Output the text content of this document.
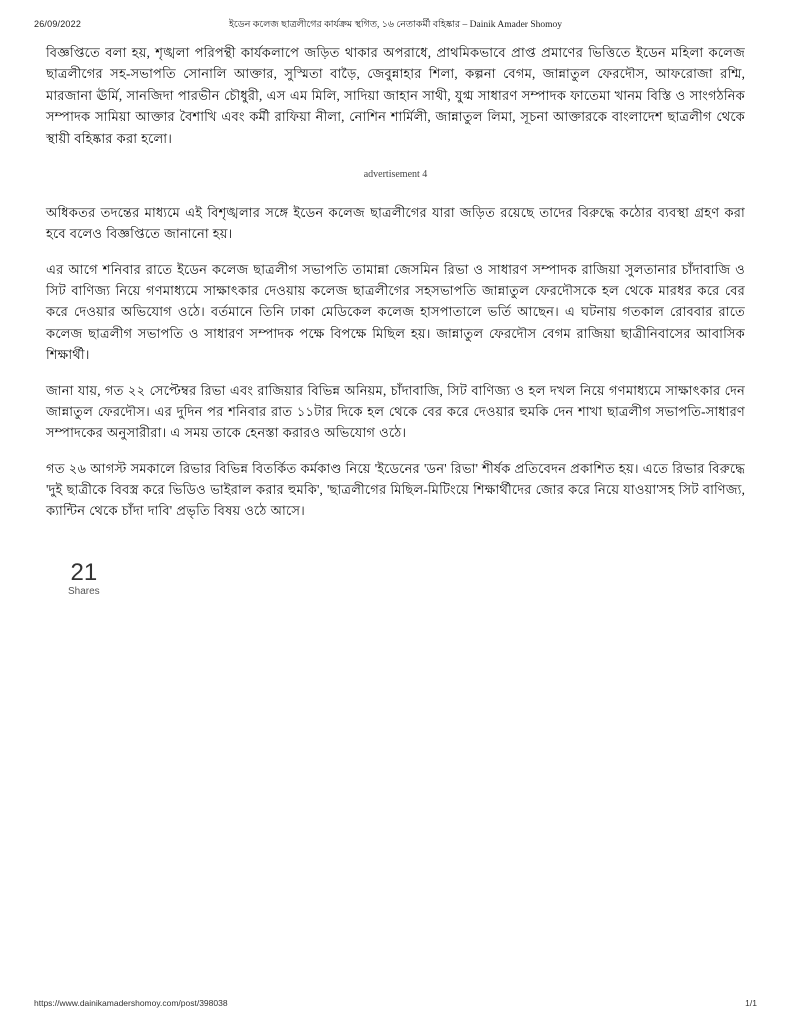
26/09/2022	ইডেন কলেজ ছাত্রলীগের কার্যক্রম স্থগিত, ১৬ নেতাকর্মী বহিষ্কার – Dainik Amader Shomoy

বিজ্ঞপ্তিতে বলা হয়, শৃঙ্খলা পরিপন্থী কার্যকলাপে জড়িত থাকার অপরাধে, প্রাথমিকভাবে প্রাপ্ত প্রমাণের ভিত্তিতে ইডেন মহিলা কলেজ ছাত্রলীগের সহ-সভাপতি সোনালি আক্তার, সুস্মিতা বাড়ৈ, জেবুন্নাহার শিলা, কল্পনা বেগম, জান্নাতুল ফেরদৌস, আফরোজা রশ্মি, মারজানা ঊর্মি, সানজিদা পারভীন চৌধুরী, এস এম মিলি, সাদিয়া জাহান সাথী, যুগ্ম সাধারণ সম্পাদক ফাতেমা খানম বিস্তি ও সাংগঠনিক সম্পাদক সামিয়া আক্তার বৈশাখি এবং কর্মী রাফিয়া নীলা, নোশিন শার্মিলী, জান্নাতুল লিমা, সূচনা আক্তারকে বাংলাদেশ ছাত্রলীগ থেকে স্থায়ী বহিষ্কার করা হলো।

advertisement 4

অধিকতর তদন্তের মাধ্যমে এই বিশৃঙ্খলার সঙ্গে ইডেন কলেজ ছাত্রলীগের যারা জড়িত রয়েছে তাদের বিরুদ্ধে কঠোর ব্যবস্থা গ্রহণ করা হবে বলেও বিজ্ঞপ্তিতে জানানো হয়।

এর আগে শনিবার রাতে ইডেন কলেজ ছাত্রলীগ সভাপতি তামান্না জেসমিন রিভা ও সাধারণ সম্পাদক রাজিয়া সুলতানার চাঁদাবাজি ও সিট বাণিজ্য নিয়ে গণমাধ্যমে সাক্ষাৎকার দেওয়ায় কলেজ ছাত্রলীগের সহসভাপতি জান্নাতুল ফেরদৌসকে হল থেকে মারধর করে বের করে দেওয়ার অভিযোগ ওঠে। বর্তমানে তিনি ঢাকা মেডিকেল কলেজ হাসপাতালে ভর্তি আছেন। এ ঘটনায় গতকাল রোববার রাতে কলেজ ছাত্রলীগ সভাপতি ও সাধারণ সম্পাদক পক্ষে বিপক্ষে মিছিল হয়। জান্নাতুল ফেরদৌস বেগম রাজিয়া ছাত্রীনিবাসের আবাসিক শিক্ষার্থী।

জানা যায়, গত ২২ সেপ্টেম্বর রিভা এবং রাজিয়ার বিভিন্ন অনিয়ম, চাঁদাবাজি, সিট বাণিজ্য ও হল দখল নিয়ে গণমাধ্যমে সাক্ষাৎকার দেন জান্নাতুল ফেরদৌস। এর দুদিন পর শনিবার রাত ১১টার দিকে হল থেকে বের করে দেওয়ার হুমকি দেন শাখা ছাত্রলীগ সভাপতি-সাধারণ সম্পাদকের অনুসারীরা। এ সময় তাকে হেনস্তা করারও অভিযোগ ওঠে।

গত ২৬ আগস্ট সমকালে রিভার বিভিন্ন বিতর্কিত কর্মকাণ্ড নিয়ে 'ইডেনের 'ডন' রিভা' শীর্ষক প্রতিবেদন প্রকাশিত হয়। এতে রিভার বিরুদ্ধে 'দুই ছাত্রীকে বিবস্ত্র করে ভিডিও ভাইরাল করার হুমকি', 'ছাত্রলীগের মিছিল-মিটিংয়ে শিক্ষার্থীদের জোর করে নিয়ে যাওয়া'সহ সিট বাণিজ্য, ক্যান্টিন থেকে চাঁদা দাবি' প্রভৃতি বিষয় ওঠে আসে।

21
Shares
https://www.dainikamadershomoy.com/post/398038	1/1
